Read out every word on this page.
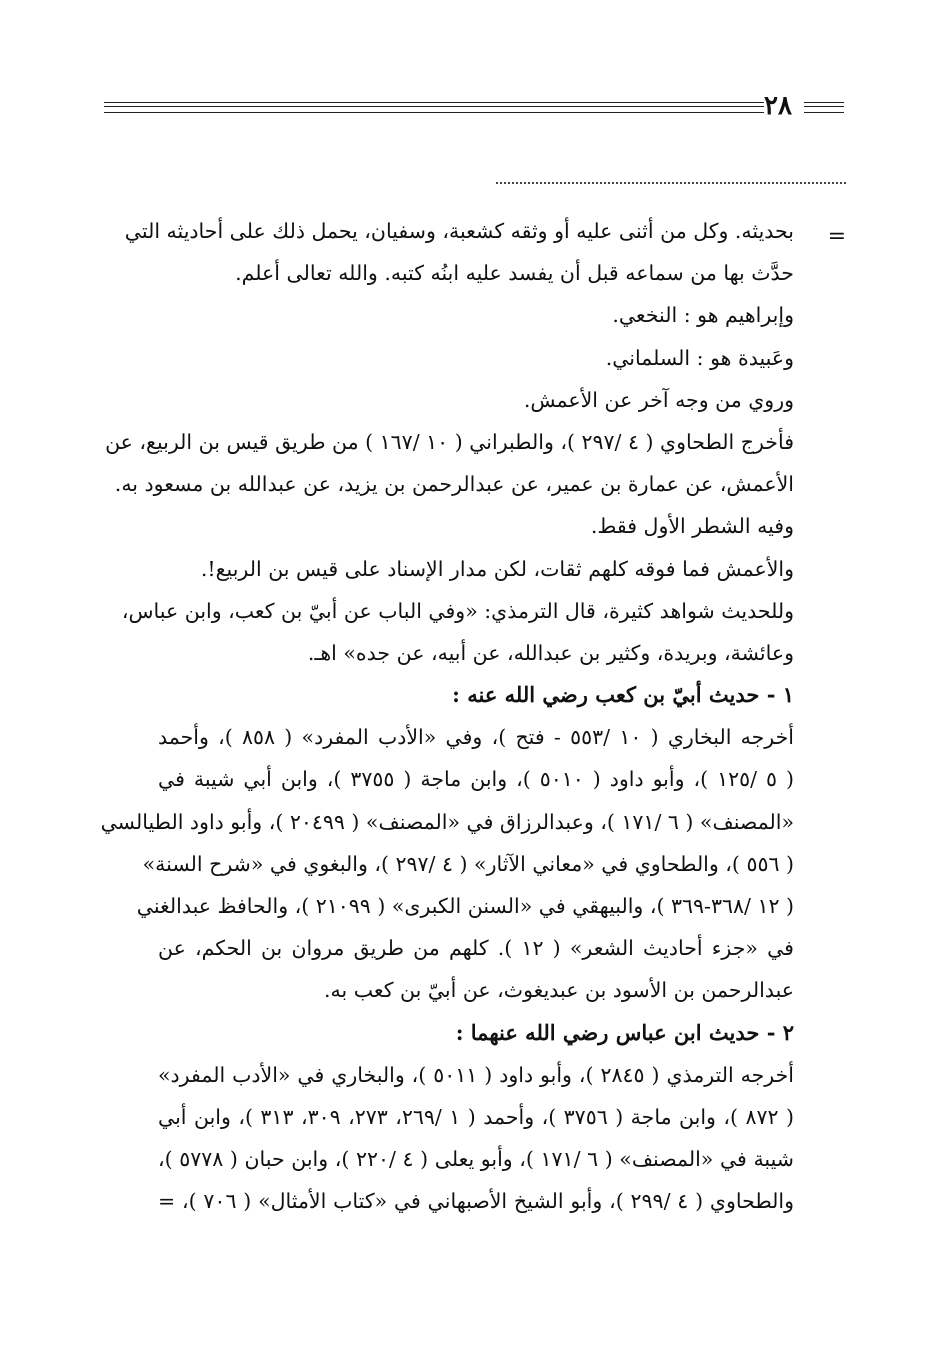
٢٨
=
بحديثه. وكل من أثنى عليه أو وثقه كشعبة، وسفيان، يحمل ذلك على أحاديثه التي
حدَّث بها من سماعه قبل أن يفسد عليه ابنُه كتبه. والله تعالى أعلم.
وإبراهيم هو : النخعي.
وعَبيدة هو : السلماني.
وروي من وجه آخر عن الأعمش.
فأخرج الطحاوي ( ٤ /٢٩٧ )، والطبراني ( ١٠ /١٦٧ ) من طريق قيس بن الربيع، عن
الأعمش، عن عمارة بن عمير، عن عبدالرحمن بن يزيد، عن عبدالله بن مسعود به.
وفيه الشطر الأول فقط.
والأعمش فما فوقه كلهم ثقات، لكن مدار الإسناد على قيس بن الربيع!.
وللحديث شواهد كثيرة، قال الترمذي: «وفي الباب عن أبيّ بن كعب، وابن عباس،
وعائشة، وبريدة، وكثير بن عبدالله، عن أبيه، عن جده» اهـ.
١ - حديث أبيّ بن كعب رضي الله عنه :
أخرجه البخاري ( ١٠ /٥٥٣ - فتح )، وفي «الأدب المفرد» ( ٨٥٨ )، وأحمد
( ٥ /١٢٥ )، وأبو داود ( ٥٠١٠ )، وابن ماجة ( ٣٧٥٥ )، وابن أبي شيبة في
«المصنف» ( ٦ /١٧١ )، وعبدالرزاق في «المصنف» ( ٢٠٤٩٩ )، وأبو داود الطيالسي
( ٥٥٦ )، والطحاوي في «معاني الآثار» ( ٤ /٢٩٧ )، والبغوي في «شرح السنة»
( ١٢ /٣٦٨-٣٦٩ )، والبيهقي في «السنن الكبرى» ( ٢١٠٩٩ )، والحافظ عبدالغني
في «جزء أحاديث الشعر» ( ١٢ ). كلهم من طريق مروان بن الحكم، عن
عبدالرحمن بن الأسود بن عبديغوث، عن أبيّ بن كعب به.
٢ - حديث ابن عباس رضي الله عنهما :
أخرجه الترمذي ( ٢٨٤٥ )، وأبو داود ( ٥٠١١ )، والبخاري في «الأدب المفرد»
( ٨٧٢ )، وابن ماجة ( ٣٧٥٦ )، وأحمد ( ١ /٢٦٩، ٢٧٣، ٣٠٩، ٣١٣ )، وابن أبي
شيبة في «المصنف» ( ٦ /١٧١ )، وأبو يعلى ( ٤ /٢٢٠ )، وابن حبان ( ٥٧٧٨ )،
والطحاوي ( ٤ /٢٩٩ )، وأبو الشيخ الأصبهاني في «كتاب الأمثال» ( ٧٠٦ )، =
